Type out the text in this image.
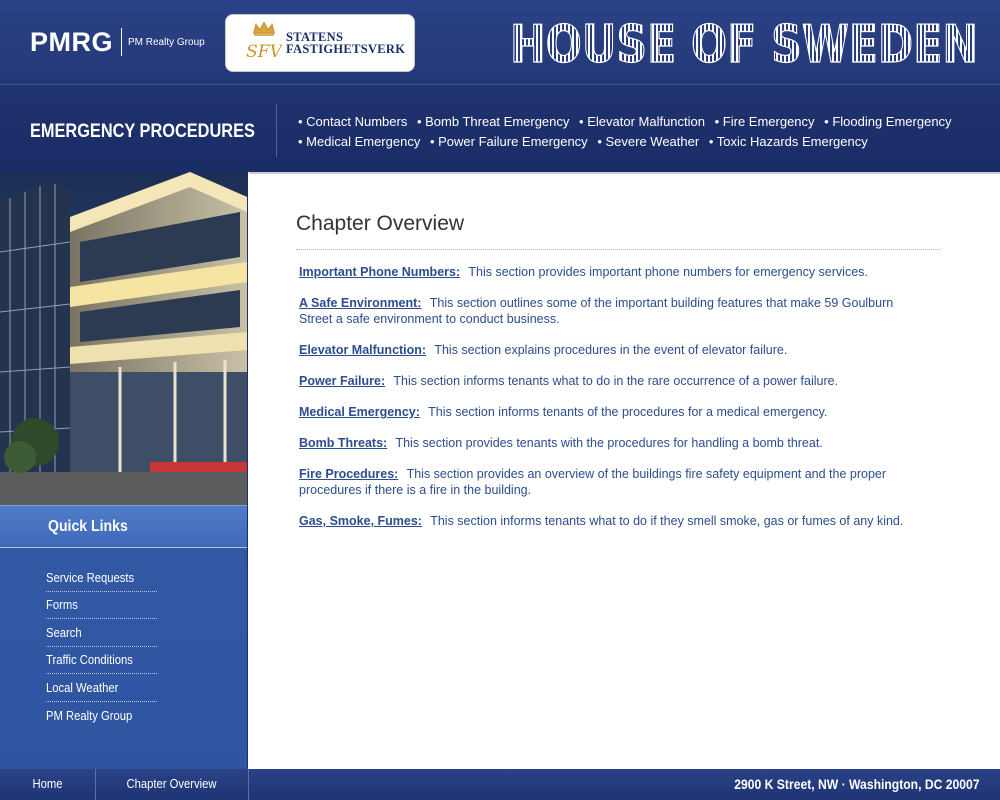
PMRG PM Realty Group SFV
STATENS
FASTIGHETSVERK HOUSE OF SWEDEN
EMERGENCY PROCEDURES	• Contact Numbers • Bomb Threat Emergency • Elevator Malfunction • Fire Emergency • Flooding Emergency
• Medical Emergency • Power Failure Emergency • Severe Weather • Toxic Hazards Emergency
Quick Links
Service Requests
Forms
Search
Traffic Conditions
Local Weather
PM Realty Group
Chapter Overview
Important Phone Numbers: This section provides important phone numbers for emergency services.
A Safe Environment: This section outlines some of the important building features that make 59 Goulburn Street a safe environment to conduct business.
Elevator Malfunction: This section explains procedures in the event of elevator failure.
Power Failure: This section informs tenants what to do in the rare occurrence of a power failure.
Medical Emergency: This section informs tenants of the procedures for a medical emergency.
Bomb Threats: This section provides tenants with the procedures for handling a bomb threat.
Fire Procedures: This section provides an overview of the buildings fire safety equipment and the proper procedures if there is a fire in the building.
Gas, Smoke, Fumes: This section informs tenants what to do if they smell smoke, gas or fumes of any kind.
Home	Chapter Overview	2900 K Street, NW · Washington, DC 20007
